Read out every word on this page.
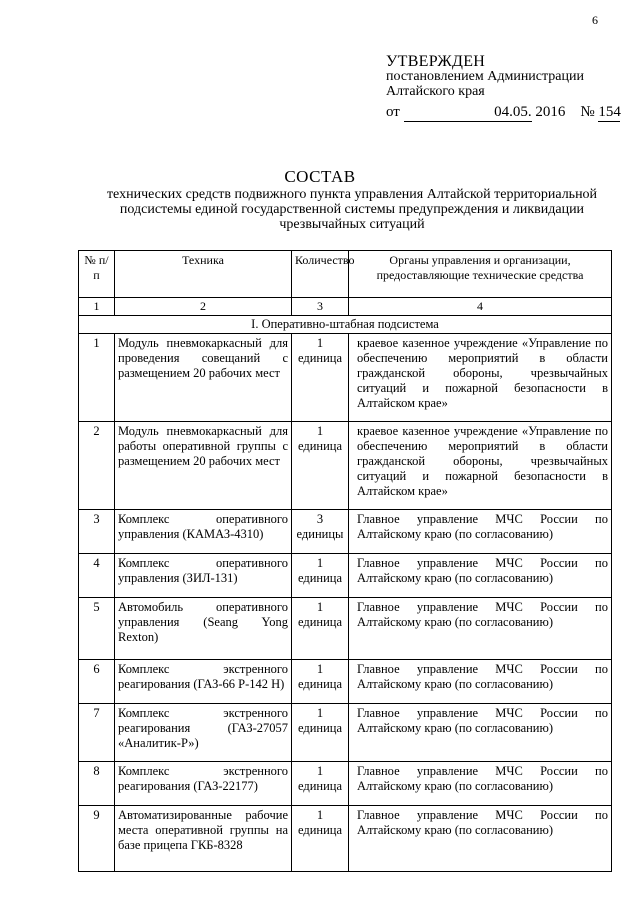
6
УТВЕРЖДЕН
постановлением Администрации
Алтайского края
от	04.05. 2016 № 154
СОСТАВ
технических средств подвижного пункта управления Алтайской территориальной подсистемы единой государственной системы предупреждения и ликвидации чрезвычайных ситуаций
№ п/п	Техника	Количество	Органы управления и организации, предоставляющие технические средства
1	2	3	4
I. Оперативно-штабная подсистема			
1	Модуль пневмокаркасный для проведения совещаний с размещением 20 рабочих мест	1 единица	краевое казенное учреждение «Управление по обеспечению мероприятий в области гражданской обороны, чрезвычайных ситуаций и пожарной безопасности в Алтайском крае»
2	Модуль пневмокаркасный для работы оперативной группы с размещением 20 рабочих мест	1 единица	краевое казенное учреждение «Управление по обеспечению мероприятий в области гражданской обороны, чрезвычайных ситуаций и пожарной безопасности в Алтайском крае»
3	Комплекс оперативного управления (КАМАЗ-4310)	3 единицы	Главное управление МЧС России по Алтайскому краю (по согласованию)
4	Комплекс оперативного управления (ЗИЛ-131)	1 единица	Главное управление МЧС России по Алтайскому краю (по согласованию)
5	Автомобиль оперативного управления (Seang Yong Rexton)	1 единица	Главное управление МЧС России по Алтайскому краю (по согласованию)
6	Комплекс экстренного реагирования (ГАЗ-66 Р-142 Н)	1 единица	Главное управление МЧС России по Алтайскому краю (по согласованию)
7	Комплекс экстренного реагирования (ГАЗ-27057 «Аналитик-Р»)	1 единица	Главное управление МЧС России по Алтайскому краю (по согласованию)
8	Комплекс экстренного реагирования (ГАЗ-22177)	1 единица	Главное управление МЧС России по Алтайскому краю (по согласованию)
9	Автоматизированные рабочие места оперативной группы на базе прицепа ГКБ-8328	1 единица	Главное управление МЧС России по Алтайскому краю (по согласованию)
